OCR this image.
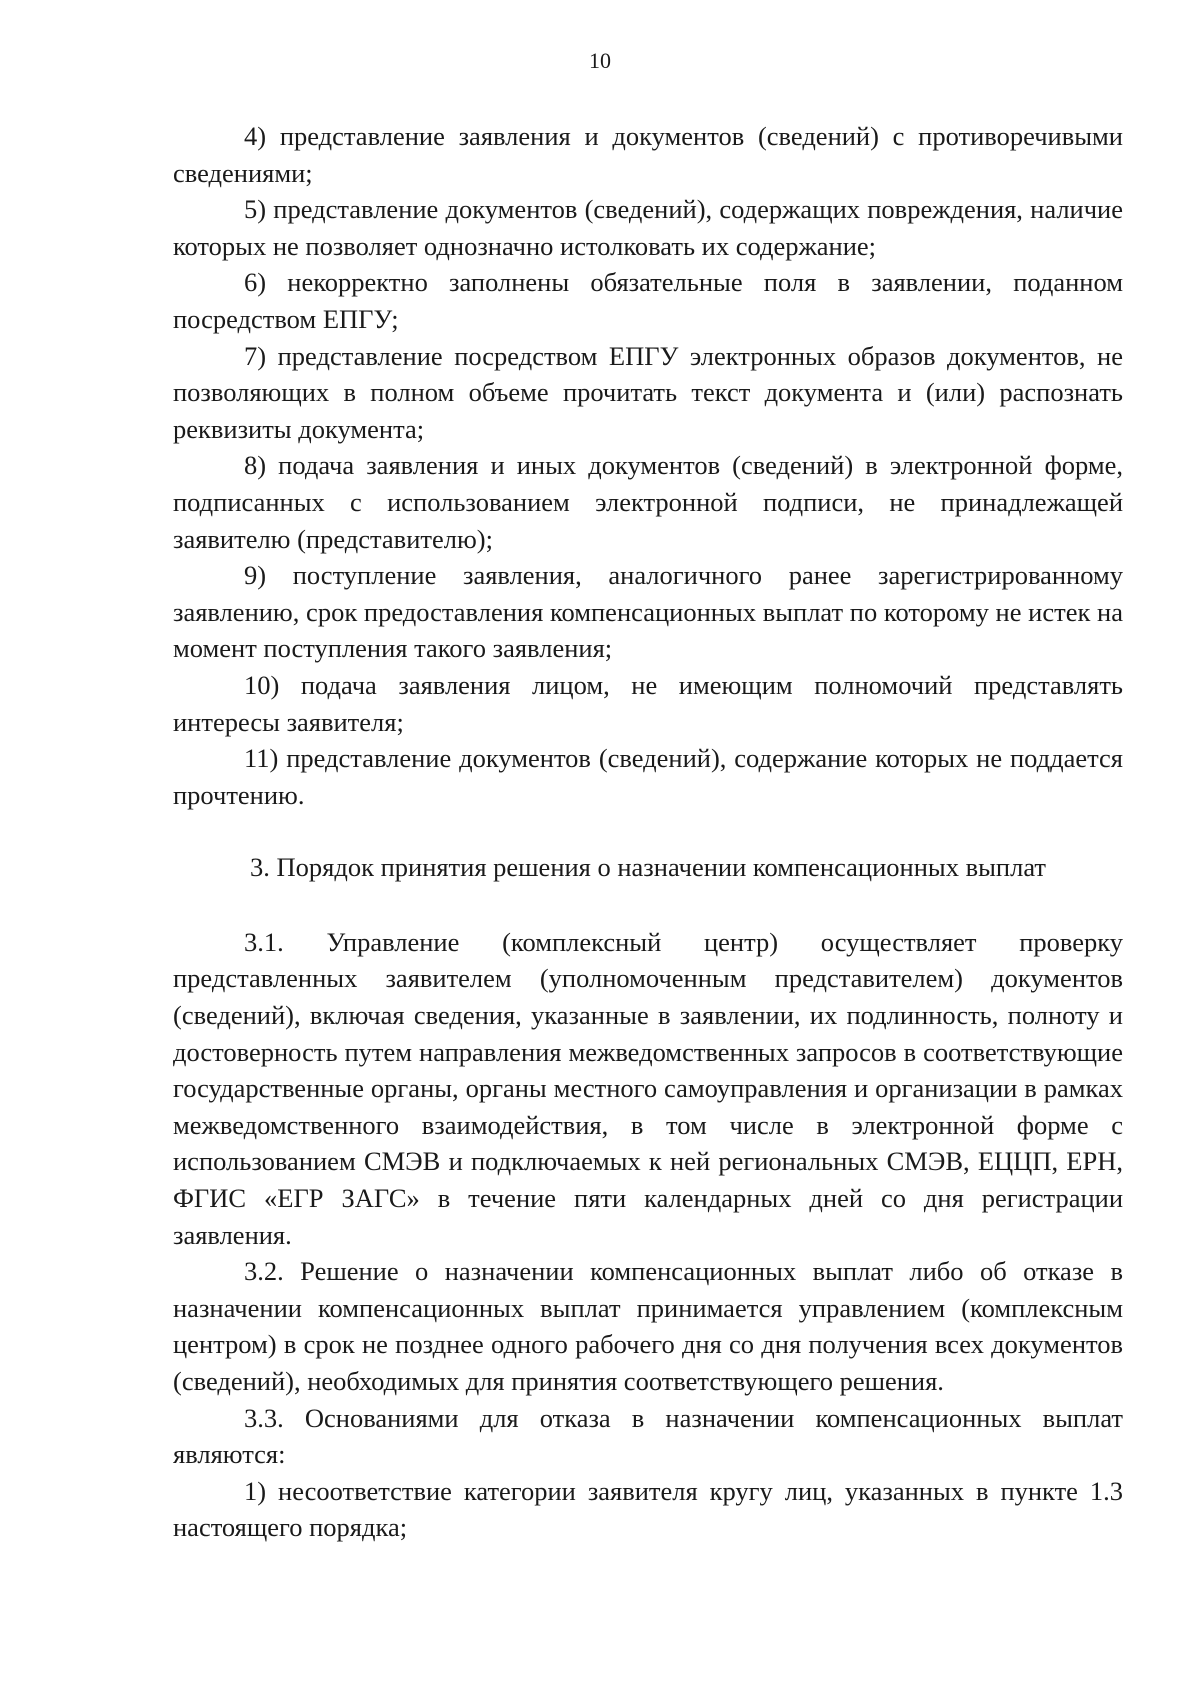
10

4) представление заявления и документов (сведений) с противоречивыми сведениями;

5) представление документов (сведений), содержащих повреждения, наличие которых не позволяет однозначно истолковать их содержание;

6) некорректно заполнены обязательные поля в заявлении, поданном посредством ЕПГУ;

7) представление посредством ЕПГУ электронных образов документов, не позволяющих в полном объеме прочитать текст документа и (или) распознать реквизиты документа;

8) подача заявления и иных документов (сведений) в электронной форме, подписанных с использованием электронной подписи, не принадлежащей заявителю (представителю);

9) поступление заявления, аналогичного ранее зарегистрированному заявлению, срок предоставления компенсационных выплат по которому не истек на момент поступления такого заявления;

10) подача заявления лицом, не имеющим полномочий представлять интересы заявителя;

11) представление документов (сведений), содержание которых не поддается прочтению.

3. Порядок принятия решения о назначении компенсационных выплат

3.1. Управление (комплексный центр) осуществляет проверку представленных заявителем (уполномоченным представителем) документов (сведений), включая сведения, указанные в заявлении, их подлинность, полноту и достоверность путем направления межведомственных запросов в соответствующие государственные органы, органы местного самоуправления и организации в рамках межведомственного взаимодействия, в том числе в электронной форме с использованием СМЭВ и подключаемых к ней региональных СМЭВ, ЕЦЦП, ЕРН, ФГИС «ЕГР ЗАГС» в течение пяти календарных дней со дня регистрации заявления.

3.2. Решение о назначении компенсационных выплат либо об отказе в назначении компенсационных выплат принимается управлением (комплексным центром) в срок не позднее одного рабочего дня со дня получения всех документов (сведений), необходимых для принятия соответствующего решения.

3.3. Основаниями для отказа в назначении компенсационных выплат являются:

1) несоответствие категории заявителя кругу лиц, указанных в пункте 1.3 настоящего порядка;
